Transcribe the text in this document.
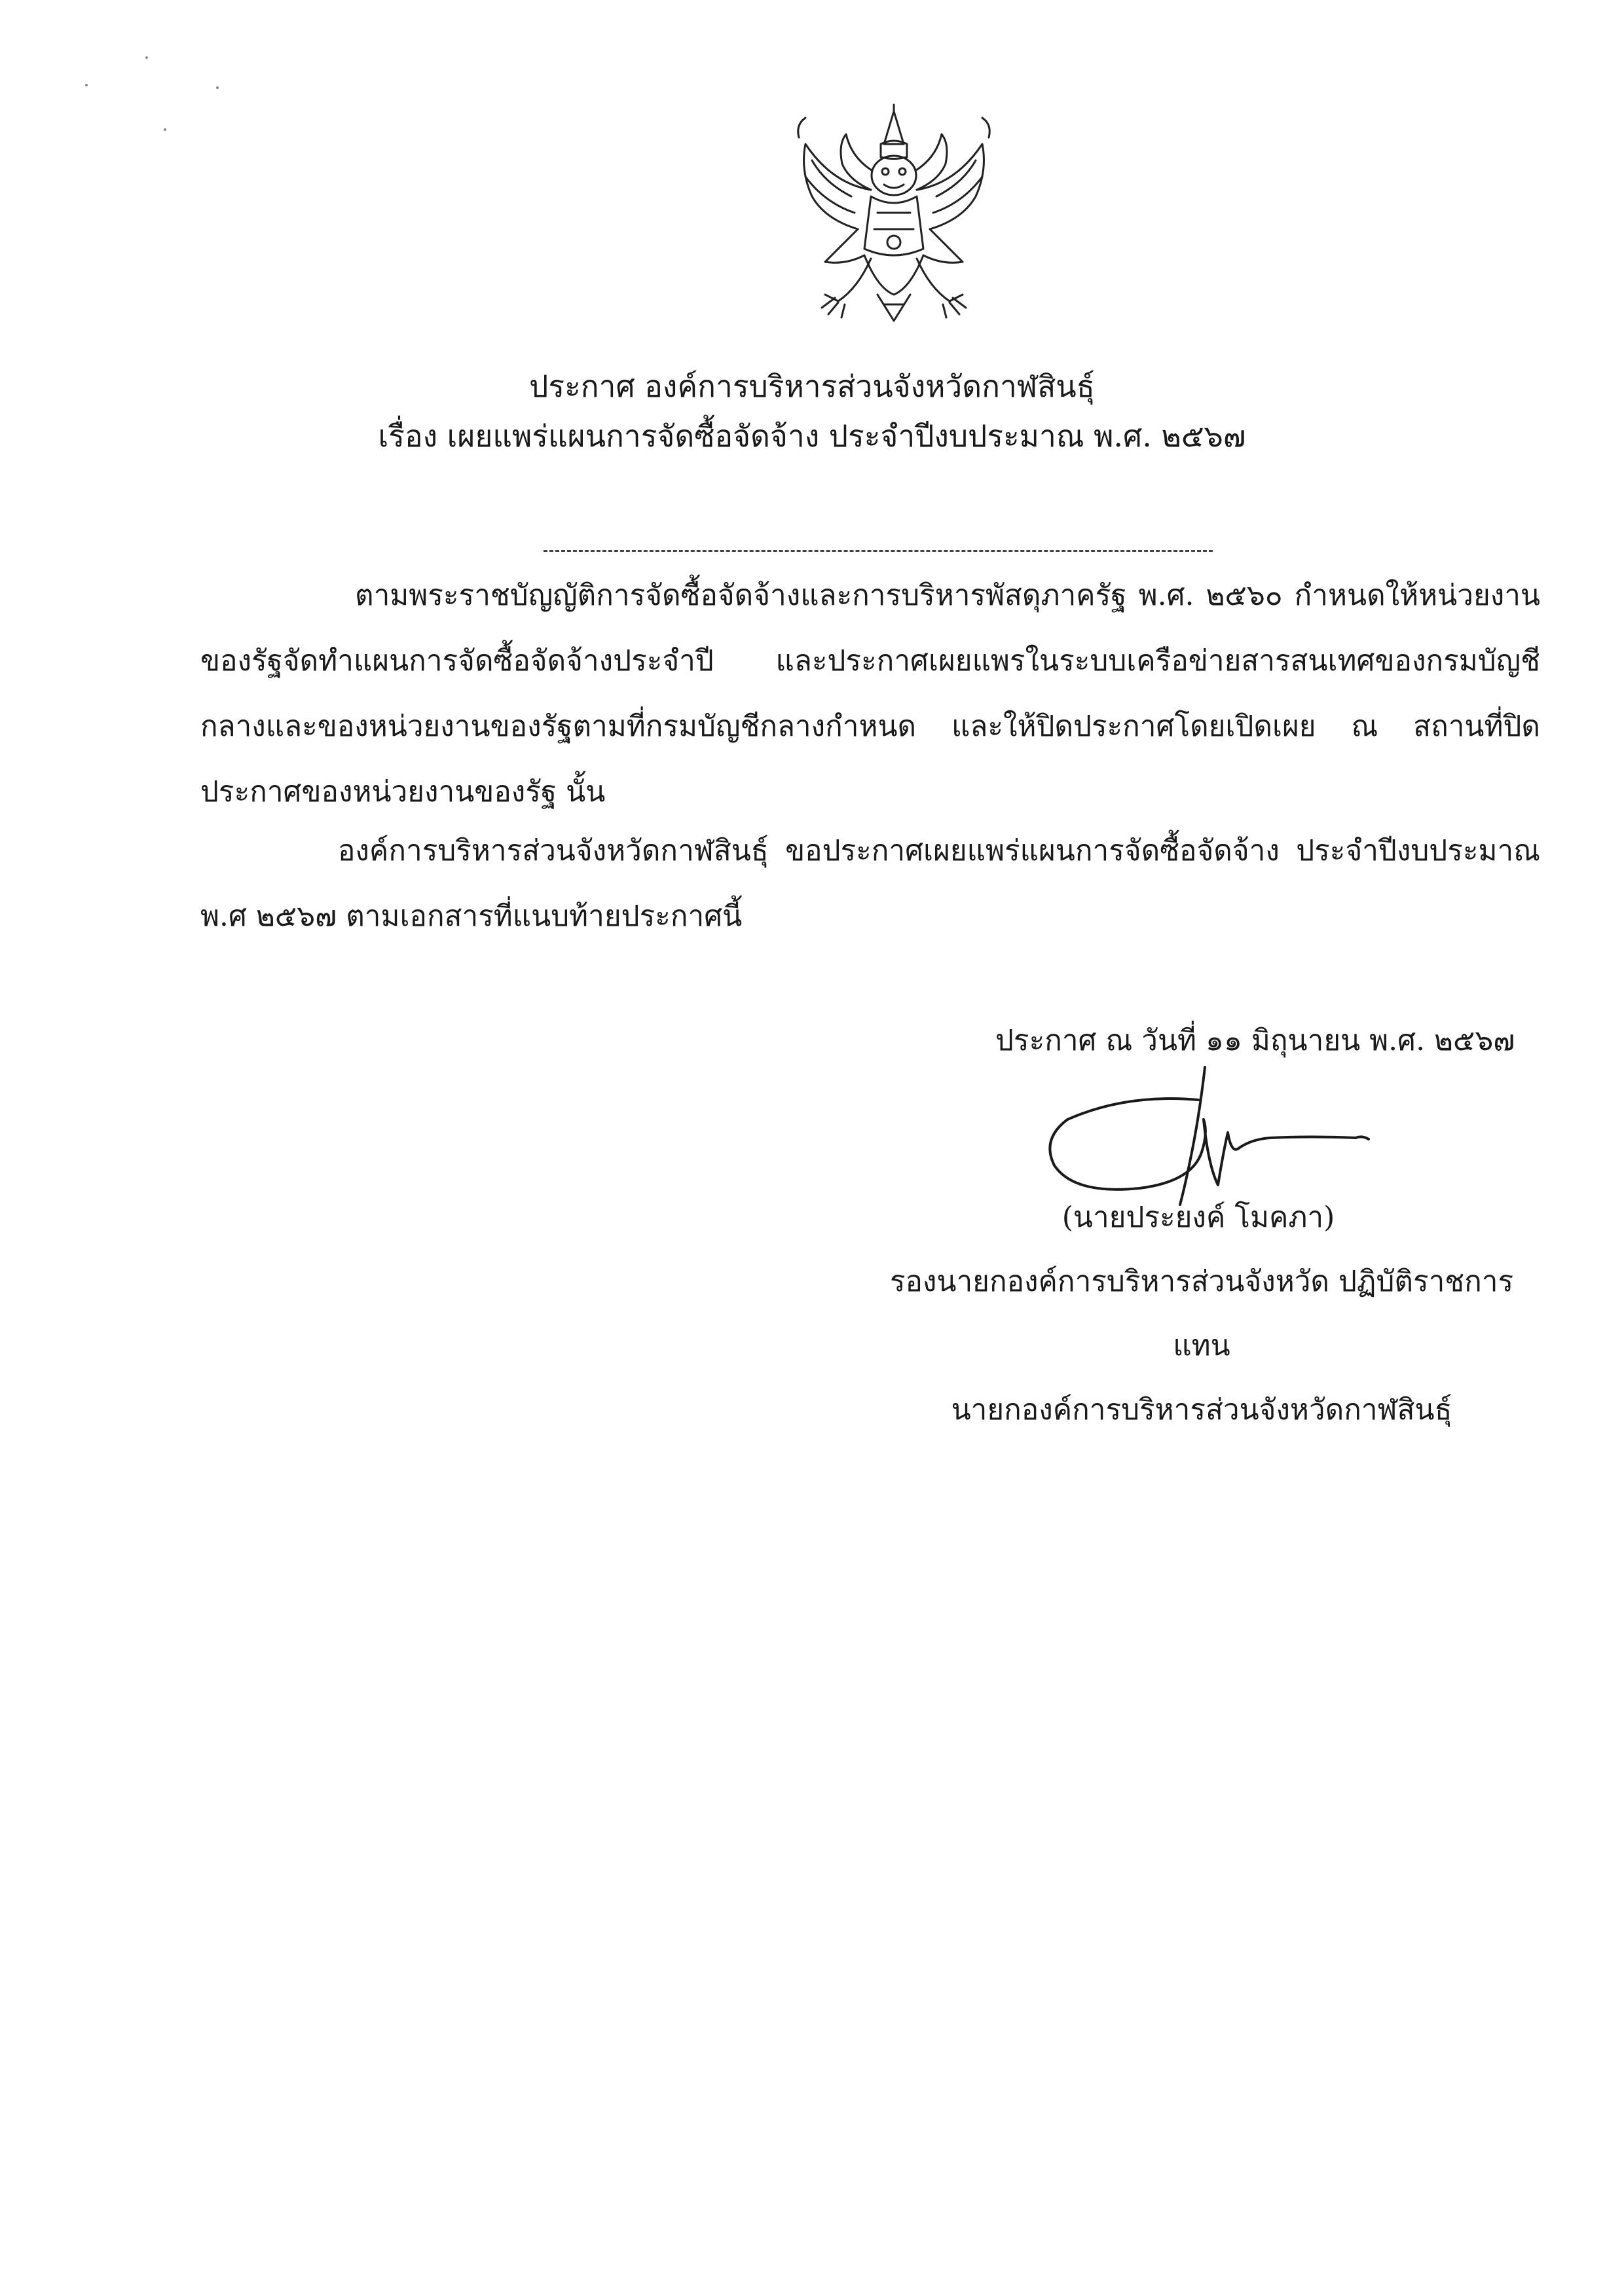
ประกาศ องค์การบริหารส่วนจังหวัดกาฬสินธุ์
เรื่อง เผยแพร่แผนการจัดซื้อจัดจ้าง ประจำปีงบประมาณ พ.ศ. ๒๕๖๗
ตามพระราชบัญญัติการจัดซื้อจัดจ้างและการบริหารพัสดุภาครัฐ พ.ศ. ๒๕๖๐ กำหนดให้หน่วยงานของรัฐจัดทำแผนการจัดซื้อจัดจ้างประจำปี และประกาศเผยแพรในระบบเครือข่ายสารสนเทศของกรมบัญชีกลางและของหน่วยงานของรัฐตามที่กรมบัญชีกลางกำหนด และให้ปิดประกาศโดยเปิดเผย ณ สถานที่ปิดประกาศของหน่วยงานของรัฐ นั้น
องค์การบริหารส่วนจังหวัดกาฬสินธุ์ ขอประกาศเผยแพร่แผนการจัดซื้อจัดจ้าง ประจำปีงบประมาณ พ.ศ ๒๕๖๗ ตามเอกสารที่แนบท้ายประกาศนี้
ประกาศ ณ วันที่ ๑๑ มิถุนายน พ.ศ. ๒๕๖๗
(นายประยงค์ โมคภา)
รองนายกองค์การบริหารส่วนจังหวัด ปฏิบัติราชการ
แทน
นายกองค์การบริหารส่วนจังหวัดกาฬสินธุ์
